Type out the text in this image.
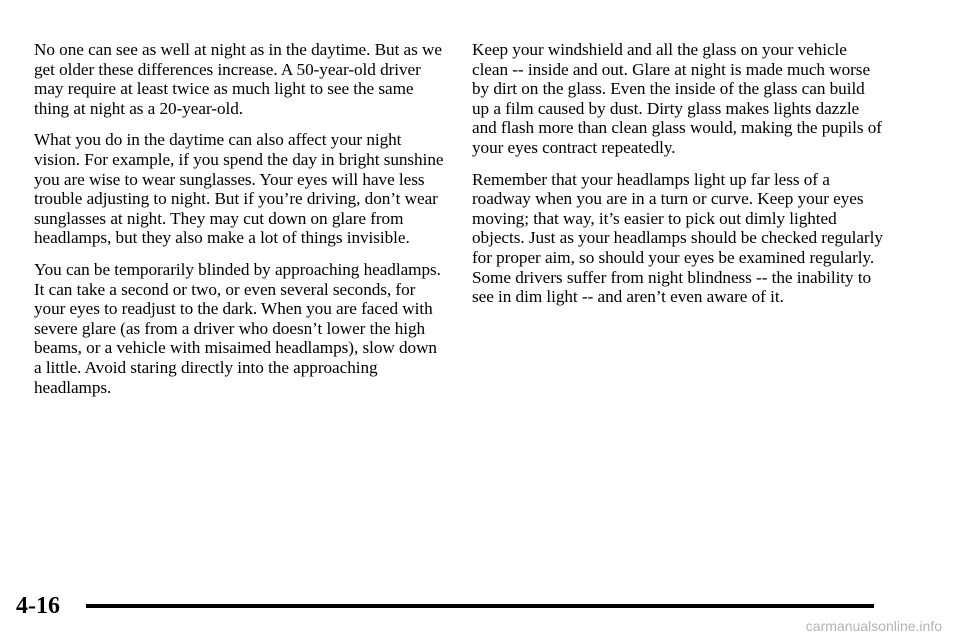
No one can see as well at night as in the daytime. But as we get older these differences increase. A 50-year-old driver may require at least twice as much light to see the same thing at night as a 20-year-old.

What you do in the daytime can also affect your night vision. For example, if you spend the day in bright sunshine you are wise to wear sunglasses. Your eyes will have less trouble adjusting to night. But if you’re driving, don’t wear sunglasses at night. They may cut down on glare from headlamps, but they also make a lot of things invisible.

You can be temporarily blinded by approaching headlamps. It can take a second or two, or even several seconds, for your eyes to readjust to the dark. When you are faced with severe glare (as from a driver who doesn’t lower the high beams, or a vehicle with misaimed headlamps), slow down a little. Avoid staring directly into the approaching headlamps.

Keep your windshield and all the glass on your vehicle clean -- inside and out. Glare at night is made much worse by dirt on the glass. Even the inside of the glass can build up a film caused by dust. Dirty glass makes lights dazzle and flash more than clean glass would, making the pupils of your eyes contract repeatedly.

Remember that your headlamps light up far less of a roadway when you are in a turn or curve. Keep your eyes moving; that way, it’s easier to pick out dimly lighted objects. Just as your headlamps should be checked regularly for proper aim, so should your eyes be examined regularly. Some drivers suffer from night blindness -- the inability to see in dim light -- and aren’t even aware of it.

4-16
carmanualsonline.info
